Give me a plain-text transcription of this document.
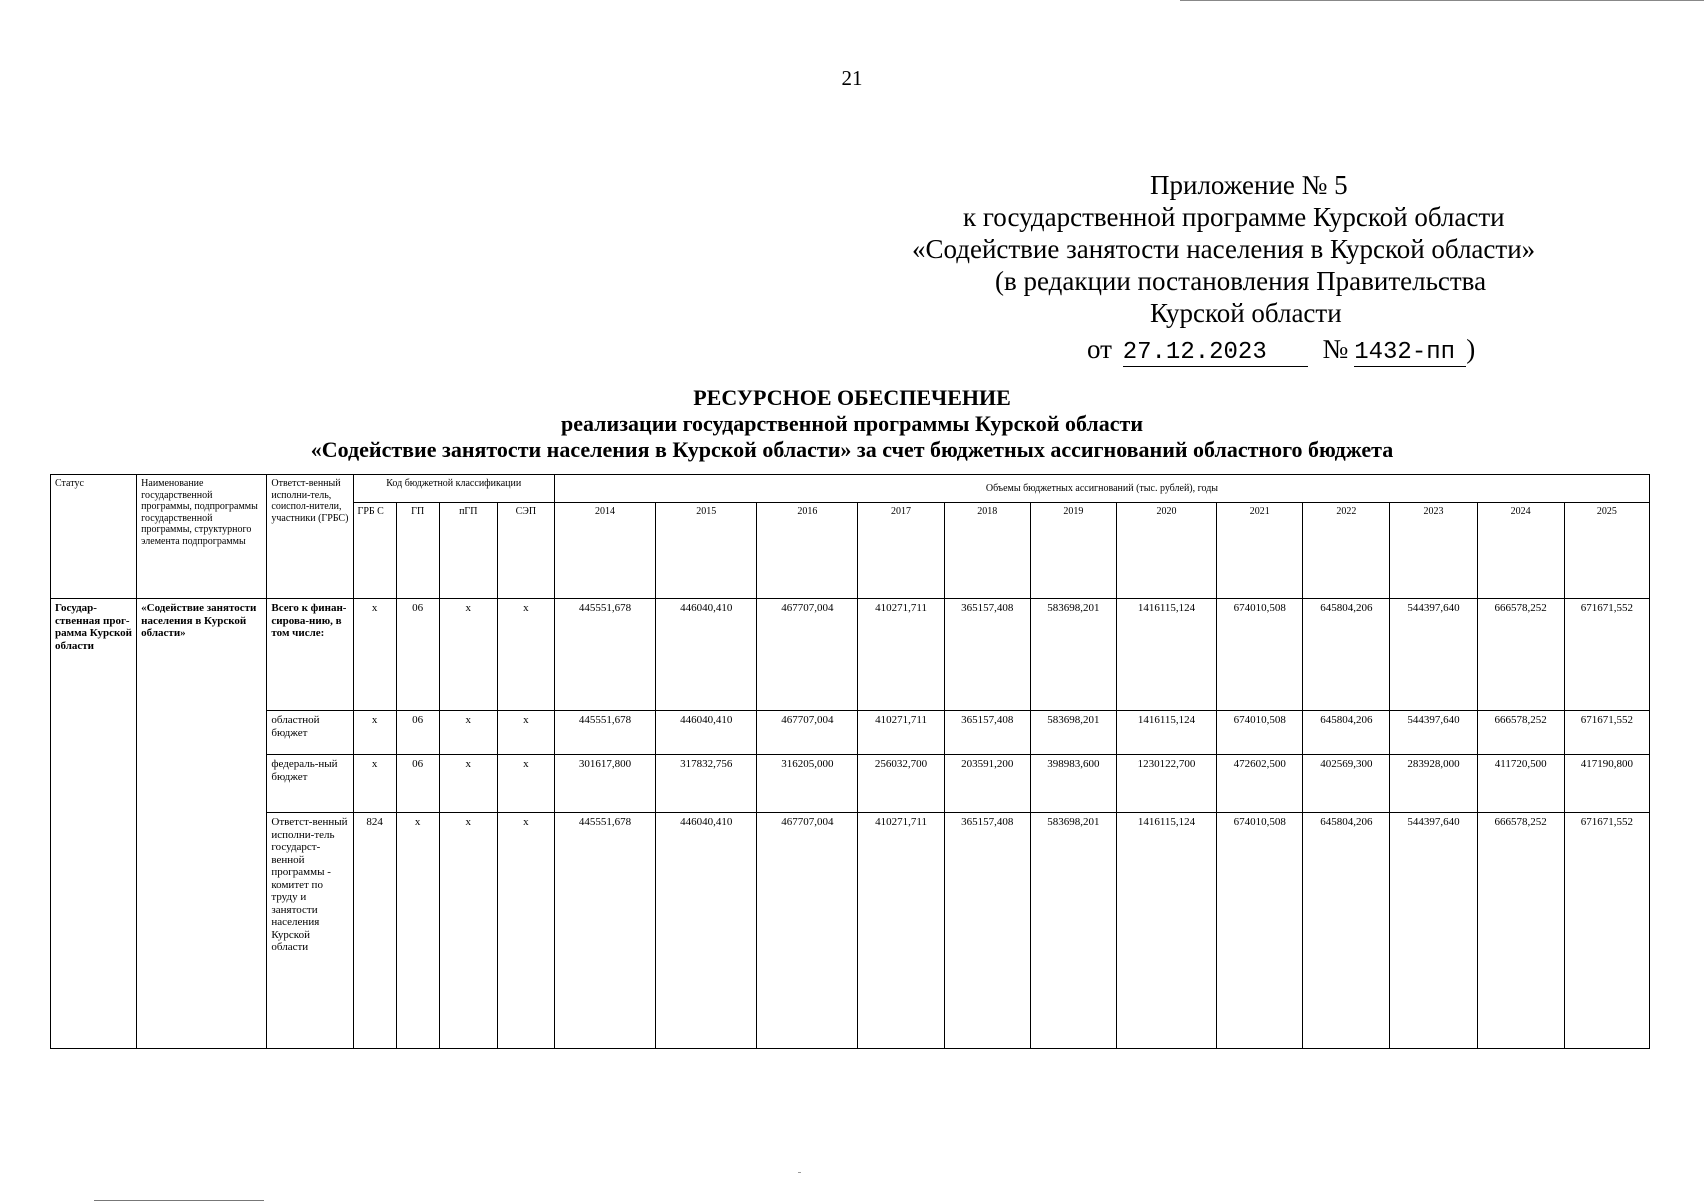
21
Приложение № 5
к государственной программе Курской области
«Содействие занятости населения в Курской области»
(в редакции постановления Правительства
Курской области
от 27.12.2023 № 1432-пп )
РЕСУРСНОЕ ОБЕСПЕЧЕНИЕ
реализации государственной программы Курской области
«Содействие занятости населения в Курской области» за счет бюджетных ассигнований областного бюджета
Статус	Наименование государственной программы, подпрограммы государственной программы, структурного элемента подпрограммы	Ответст-венный исполни-тель, соиспол-нители, участники (ГРБС)	Код бюджетной классификации				Объемы бюджетных ассигнований (тыс. рублей), годы											
			ГРБ С	ГП	пГП	СЭП	2014	2015	2016	2017	2018	2019	2020	2021	2022	2023	2024	2025
Государ-ственная прог-рамма Курской области	«Содействие занятости населения в Курской области»	Всего к финан-сирова-нию, в том числе:	x	06	x	x	445551,678	446040,410	467707,004	410271,711	365157,408	583698,201	1416115,124	674010,508	645804,206	544397,640	666578,252	671671,552
		областной бюджет	x	06	x	x	445551,678	446040,410	467707,004	410271,711	365157,408	583698,201	1416115,124	674010,508	645804,206	544397,640	666578,252	671671,552
		федераль-ный бюджет	x	06	x	x	301617,800	317832,756	316205,000	256032,700	203591,200	398983,600	1230122,700	472602,500	402569,300	283928,000	411720,500	417190,800
		Ответст-венный исполни-тель государст-венной программы - комитет по труду и занятости населения Курской области	824	x	x	x	445551,678	446040,410	467707,004	410271,711	365157,408	583698,201	1416115,124	674010,508	645804,206	544397,640	666578,252	671671,552
